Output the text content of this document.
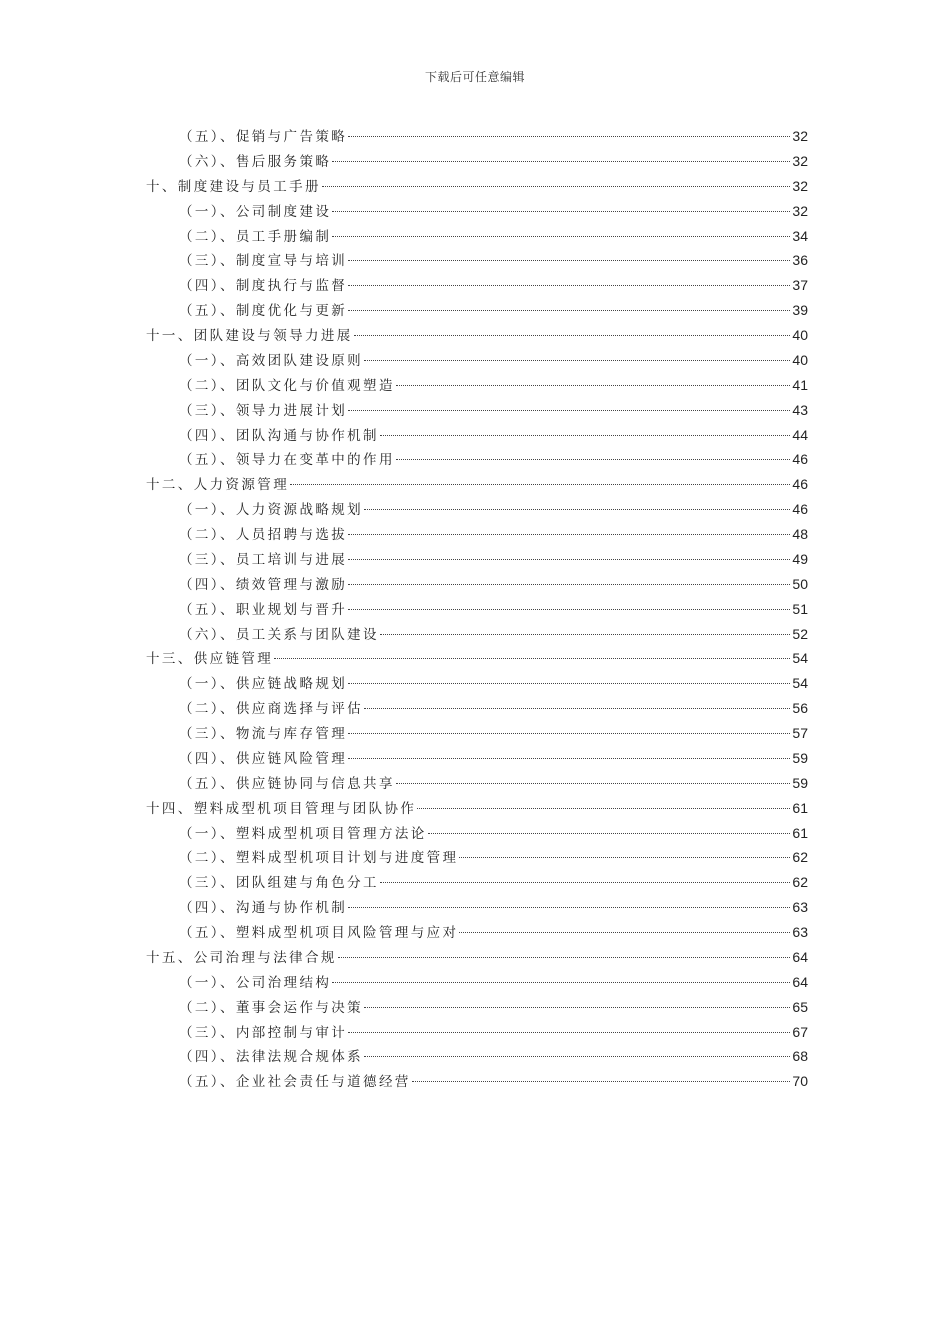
下载后可任意编辑
（五）、促销与广告策略	32
（六）、售后服务策略	32
十、制度建设与员工手册	32
（一）、公司制度建设	32
（二）、员工手册编制	34
（三）、制度宣导与培训	36
（四）、制度执行与监督	37
（五）、制度优化与更新	39
十一、团队建设与领导力进展	40
（一）、高效团队建设原则	40
（二）、团队文化与价值观塑造	41
（三）、领导力进展计划	43
（四）、团队沟通与协作机制	44
（五）、领导力在变革中的作用	46
十二、人力资源管理	46
（一）、人力资源战略规划	46
（二）、人员招聘与选拔	48
（三）、员工培训与进展	49
（四）、绩效管理与激励	50
（五）、职业规划与晋升	51
（六）、员工关系与团队建设	52
十三、供应链管理	54
（一）、供应链战略规划	54
（二）、供应商选择与评估	56
（三）、物流与库存管理	57
（四）、供应链风险管理	59
（五）、供应链协同与信息共享	59
十四、塑料成型机项目管理与团队协作	61
（一）、塑料成型机项目管理方法论	61
（二）、塑料成型机项目计划与进度管理	62
（三）、团队组建与角色分工	62
（四）、沟通与协作机制	63
（五）、塑料成型机项目风险管理与应对	63
十五、公司治理与法律合规	64
（一）、公司治理结构	64
（二）、董事会运作与决策	65
（三）、内部控制与审计	67
（四）、法律法规合规体系	68
（五）、企业社会责任与道德经营	70
